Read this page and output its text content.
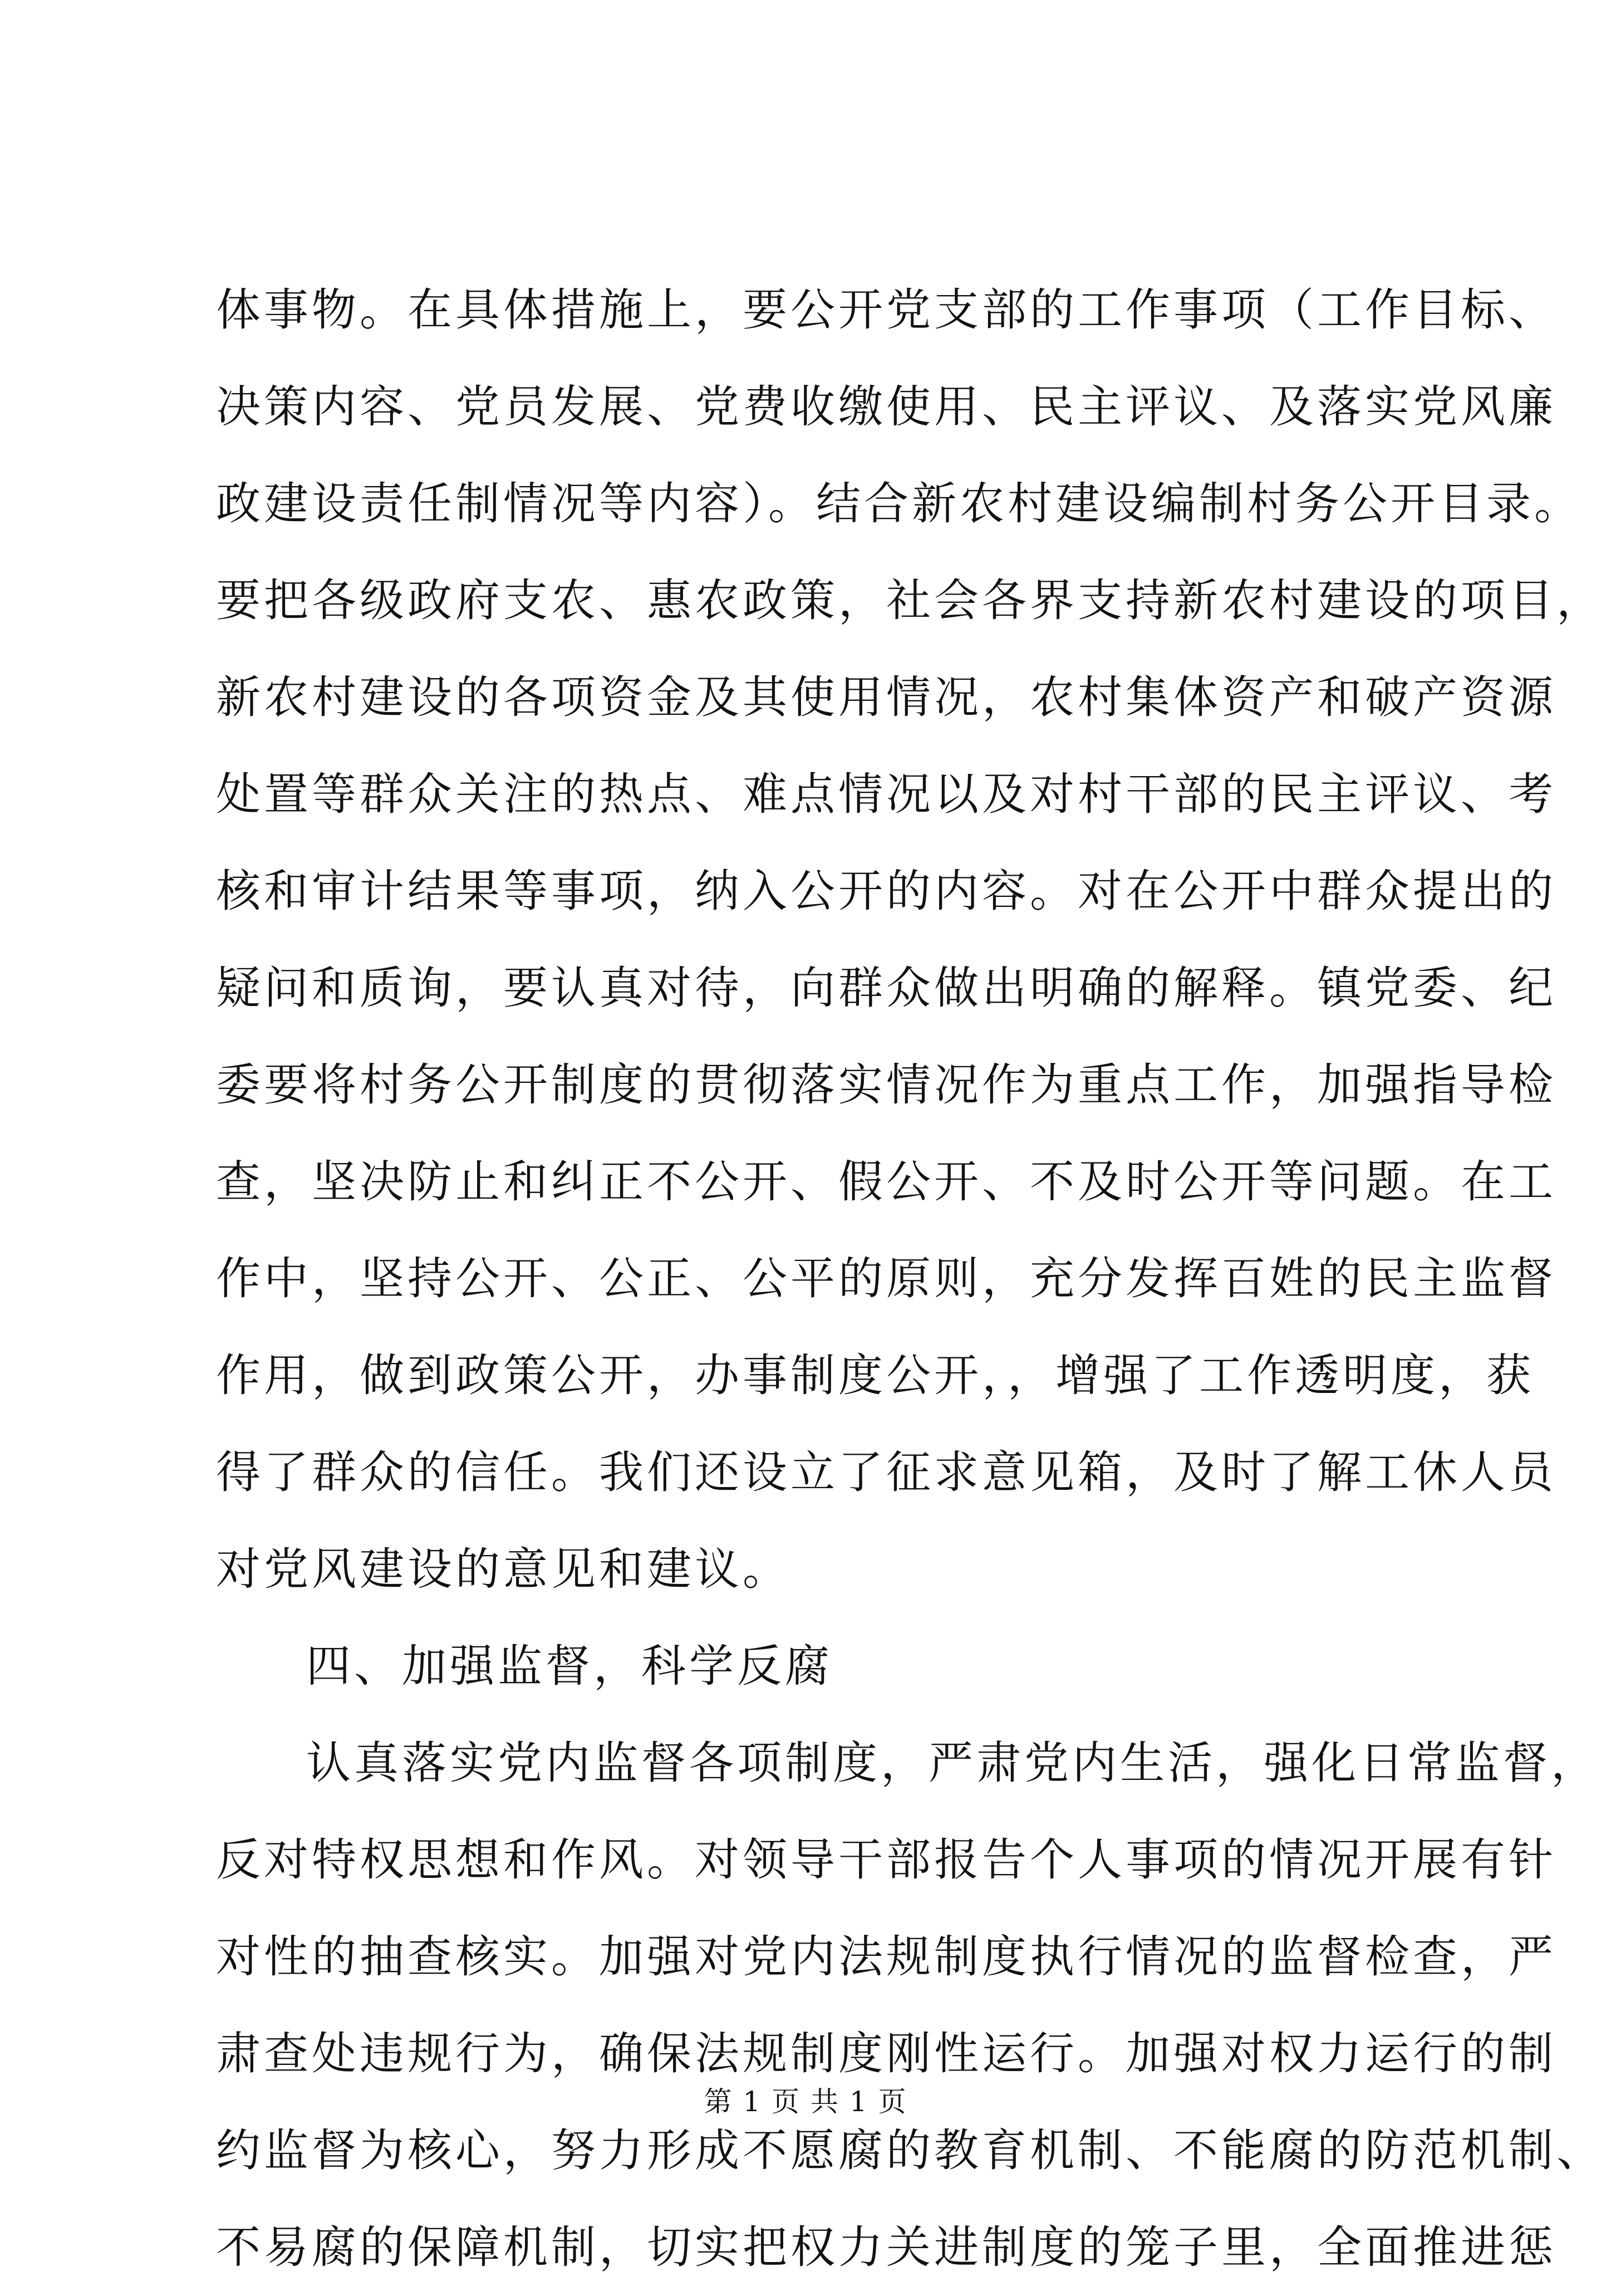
体事物。在具体措施上，要公开党支部的工作事项（工作目标、
决策内容、党员发展、党费收缴使用、民主评议、及落实党风廉
政建设责任制情况等内容）。结合新农村建设编制村务公开目录。
要把各级政府支农、惠农政策，社会各界支持新农村建设的项目，
新农村建设的各项资金及其使用情况，农村集体资产和破产资源
处置等群众关注的热点、难点情况以及对村干部的民主评议、考
核和审计结果等事项，纳入公开的内容。对在公开中群众提出的
疑问和质询，要认真对待，向群众做出明确的解释。镇党委、纪
委要将村务公开制度的贯彻落实情况作为重点工作，加强指导检
查，坚决防止和纠正不公开、假公开、不及时公开等问题。在工
作中，坚持公开、公正、公平的原则，充分发挥百姓的民主监督
作用，做到政策公开，办事制度公开，，增强了工作透明度，获
得了群众的信任。我们还设立了征求意见箱，及时了解工休人员
对党风建设的意见和建议。
四、加强监督，科学反腐
认真落实党内监督各项制度，严肃党内生活，强化日常监督，
反对特权思想和作风。对领导干部报告个人事项的情况开展有针
对性的抽查核实。加强对党内法规制度执行情况的监督检查，严
肃查处违规行为，确保法规制度刚性运行。加强对权力运行的制
约监督为核心，努力形成不愿腐的教育机制、不能腐的防范机制、
不易腐的保障机制，切实把权力关进制度的笼子里，全面推进惩
第 1 页 共 1 页
